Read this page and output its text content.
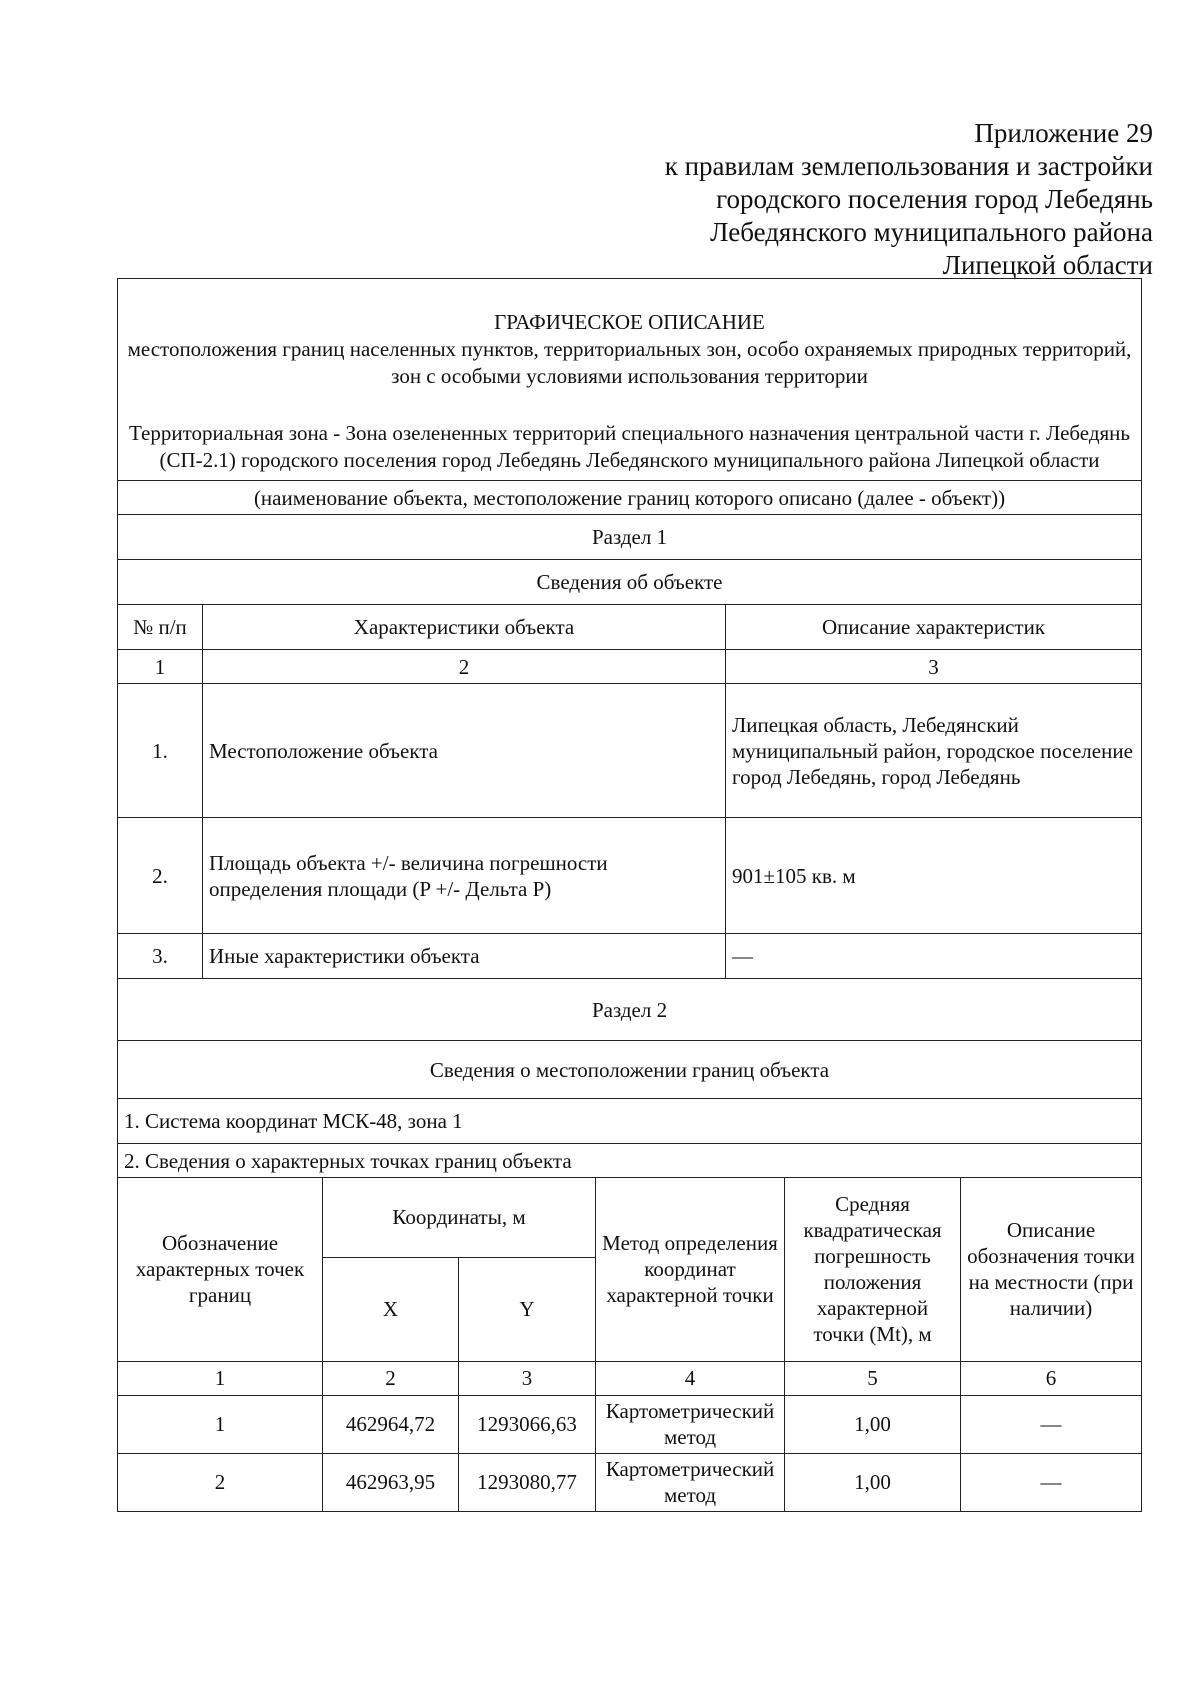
Приложение 29
к правилам землепользования и застройки
городского поселения город Лебедянь
Лебедянского муниципального района
Липецкой области
ГРАФИЧЕСКОЕ ОПИСАНИЕ
местоположения границ населенных пунктов, территориальных зон, особо охраняемых природных территорий, зон с особыми условиями использования территории
Территориальная зона - Зона озелененных территорий специального назначения центральной части г. Лебедянь (СП-2.1) городского поселения город Лебедянь Лебедянского муниципального района Липецкой области		

(наименование объекта, местоположение границ которого описано (далее - объект))		
Раздел 1		
Сведения об объекте		
№ п/п	Характеристики объекта	Описание характеристик
1	2	3
1.	Местоположение объекта	Липецкая область, Лебедянский муниципальный район, городское поселение город Лебедянь, город Лебедянь
2.	Площадь объекта +/- величина погрешности определения площади (P +/- Дельта P)	901±105 кв. м
3.	Иные характеристики объекта	—
Раздел 2		
Сведения о местоположении границ объекта		
1. Система координат МСК-48, зона 1		
2. Сведения о характерных точках границ объекта		
Обозначение характерных точек границ	Координаты, м		Метод определения координат характерной точки	Средняя квадратическая погрешность положения характерной точки (Mt), м	Описание обозначения точки на местности (при наличии)
	X	Y			
1	2	3	4	5	6
1	462964,72	1293066,63	Картометрический метод	1,00	—
2	462963,95	1293080,77	Картометрический метод	1,00	—
